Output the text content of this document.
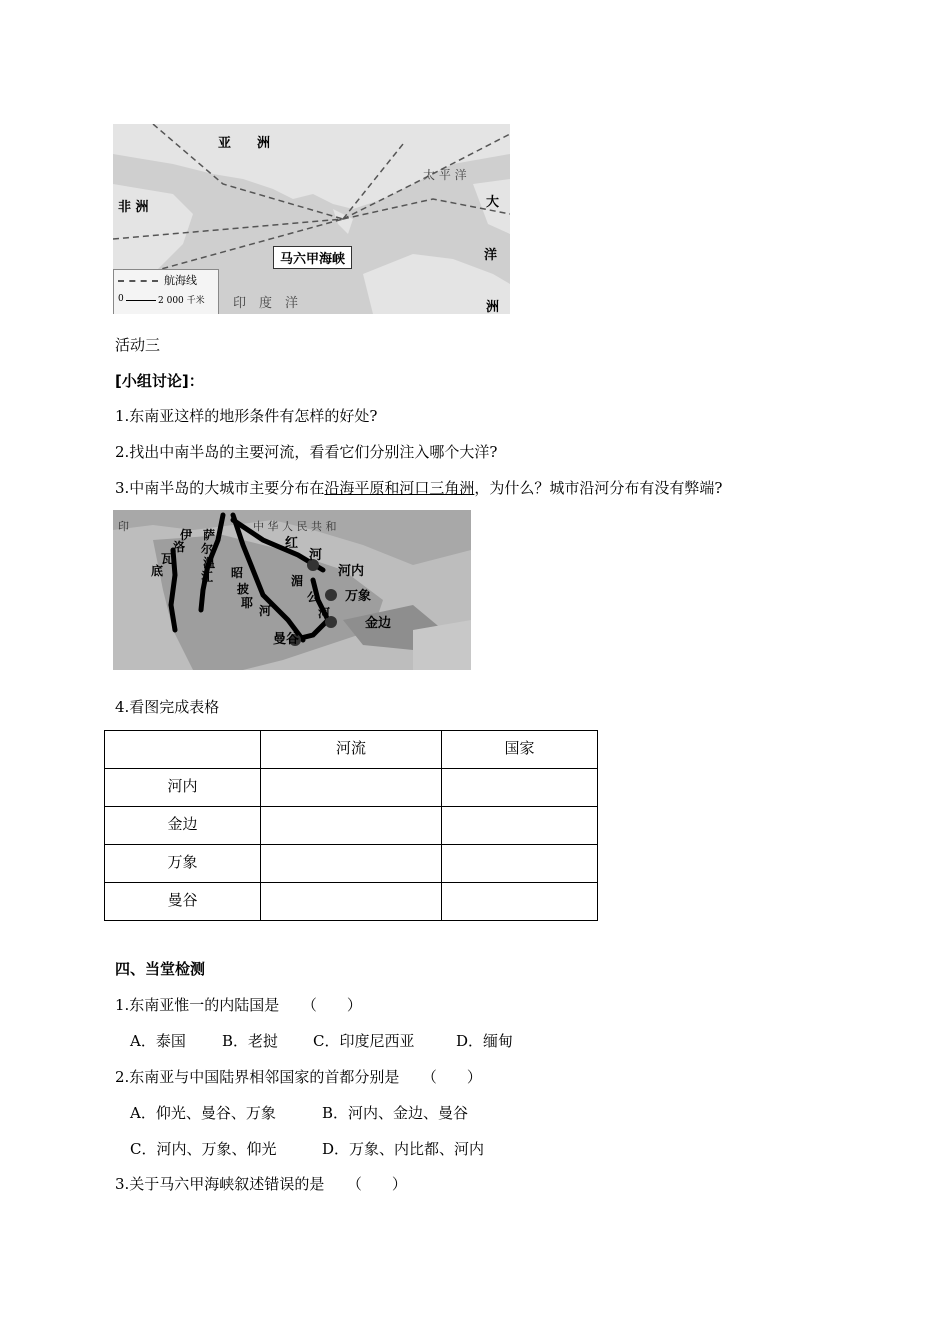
亚　　洲
非 洲
太 平 洋
大
洋
洲
印　度　洋
马六甲海峡
航海线
0	2 000 千米
活动三
[小组讨论]：
1.东南亚这样的地形条件有怎样的好处?
2.找出中南半岛的主要河流，看看它们分别注入哪个大洋?
3.中南半岛的大城市主要分布在沿海平原和河口三角洲，为什么？城市沿河分布有没有弊端?
中 华 人 民 共 和
印
红
河
河内
万象
金边
曼谷
伊
洛
瓦
底
萨
尔
温
江	湄
公
河
昭
披
耶
河
4.看图完成表格
	河流	国家
河内		
金边		
万象		
曼谷		
四、当堂检测
1.东南亚惟一的内陆国是　　（　　）
A．泰国 B．老挝 C．印度尼西亚	D．缅甸
2.东南亚与中国陆界相邻国家的首都分别是　　（　　）
A．仰光、曼谷、万象	B．河内、金边、曼谷
C．河内、万象、仰光	D．万象、内比都、河内
3.关于马六甲海峡叙述错误的是　　（　　）
